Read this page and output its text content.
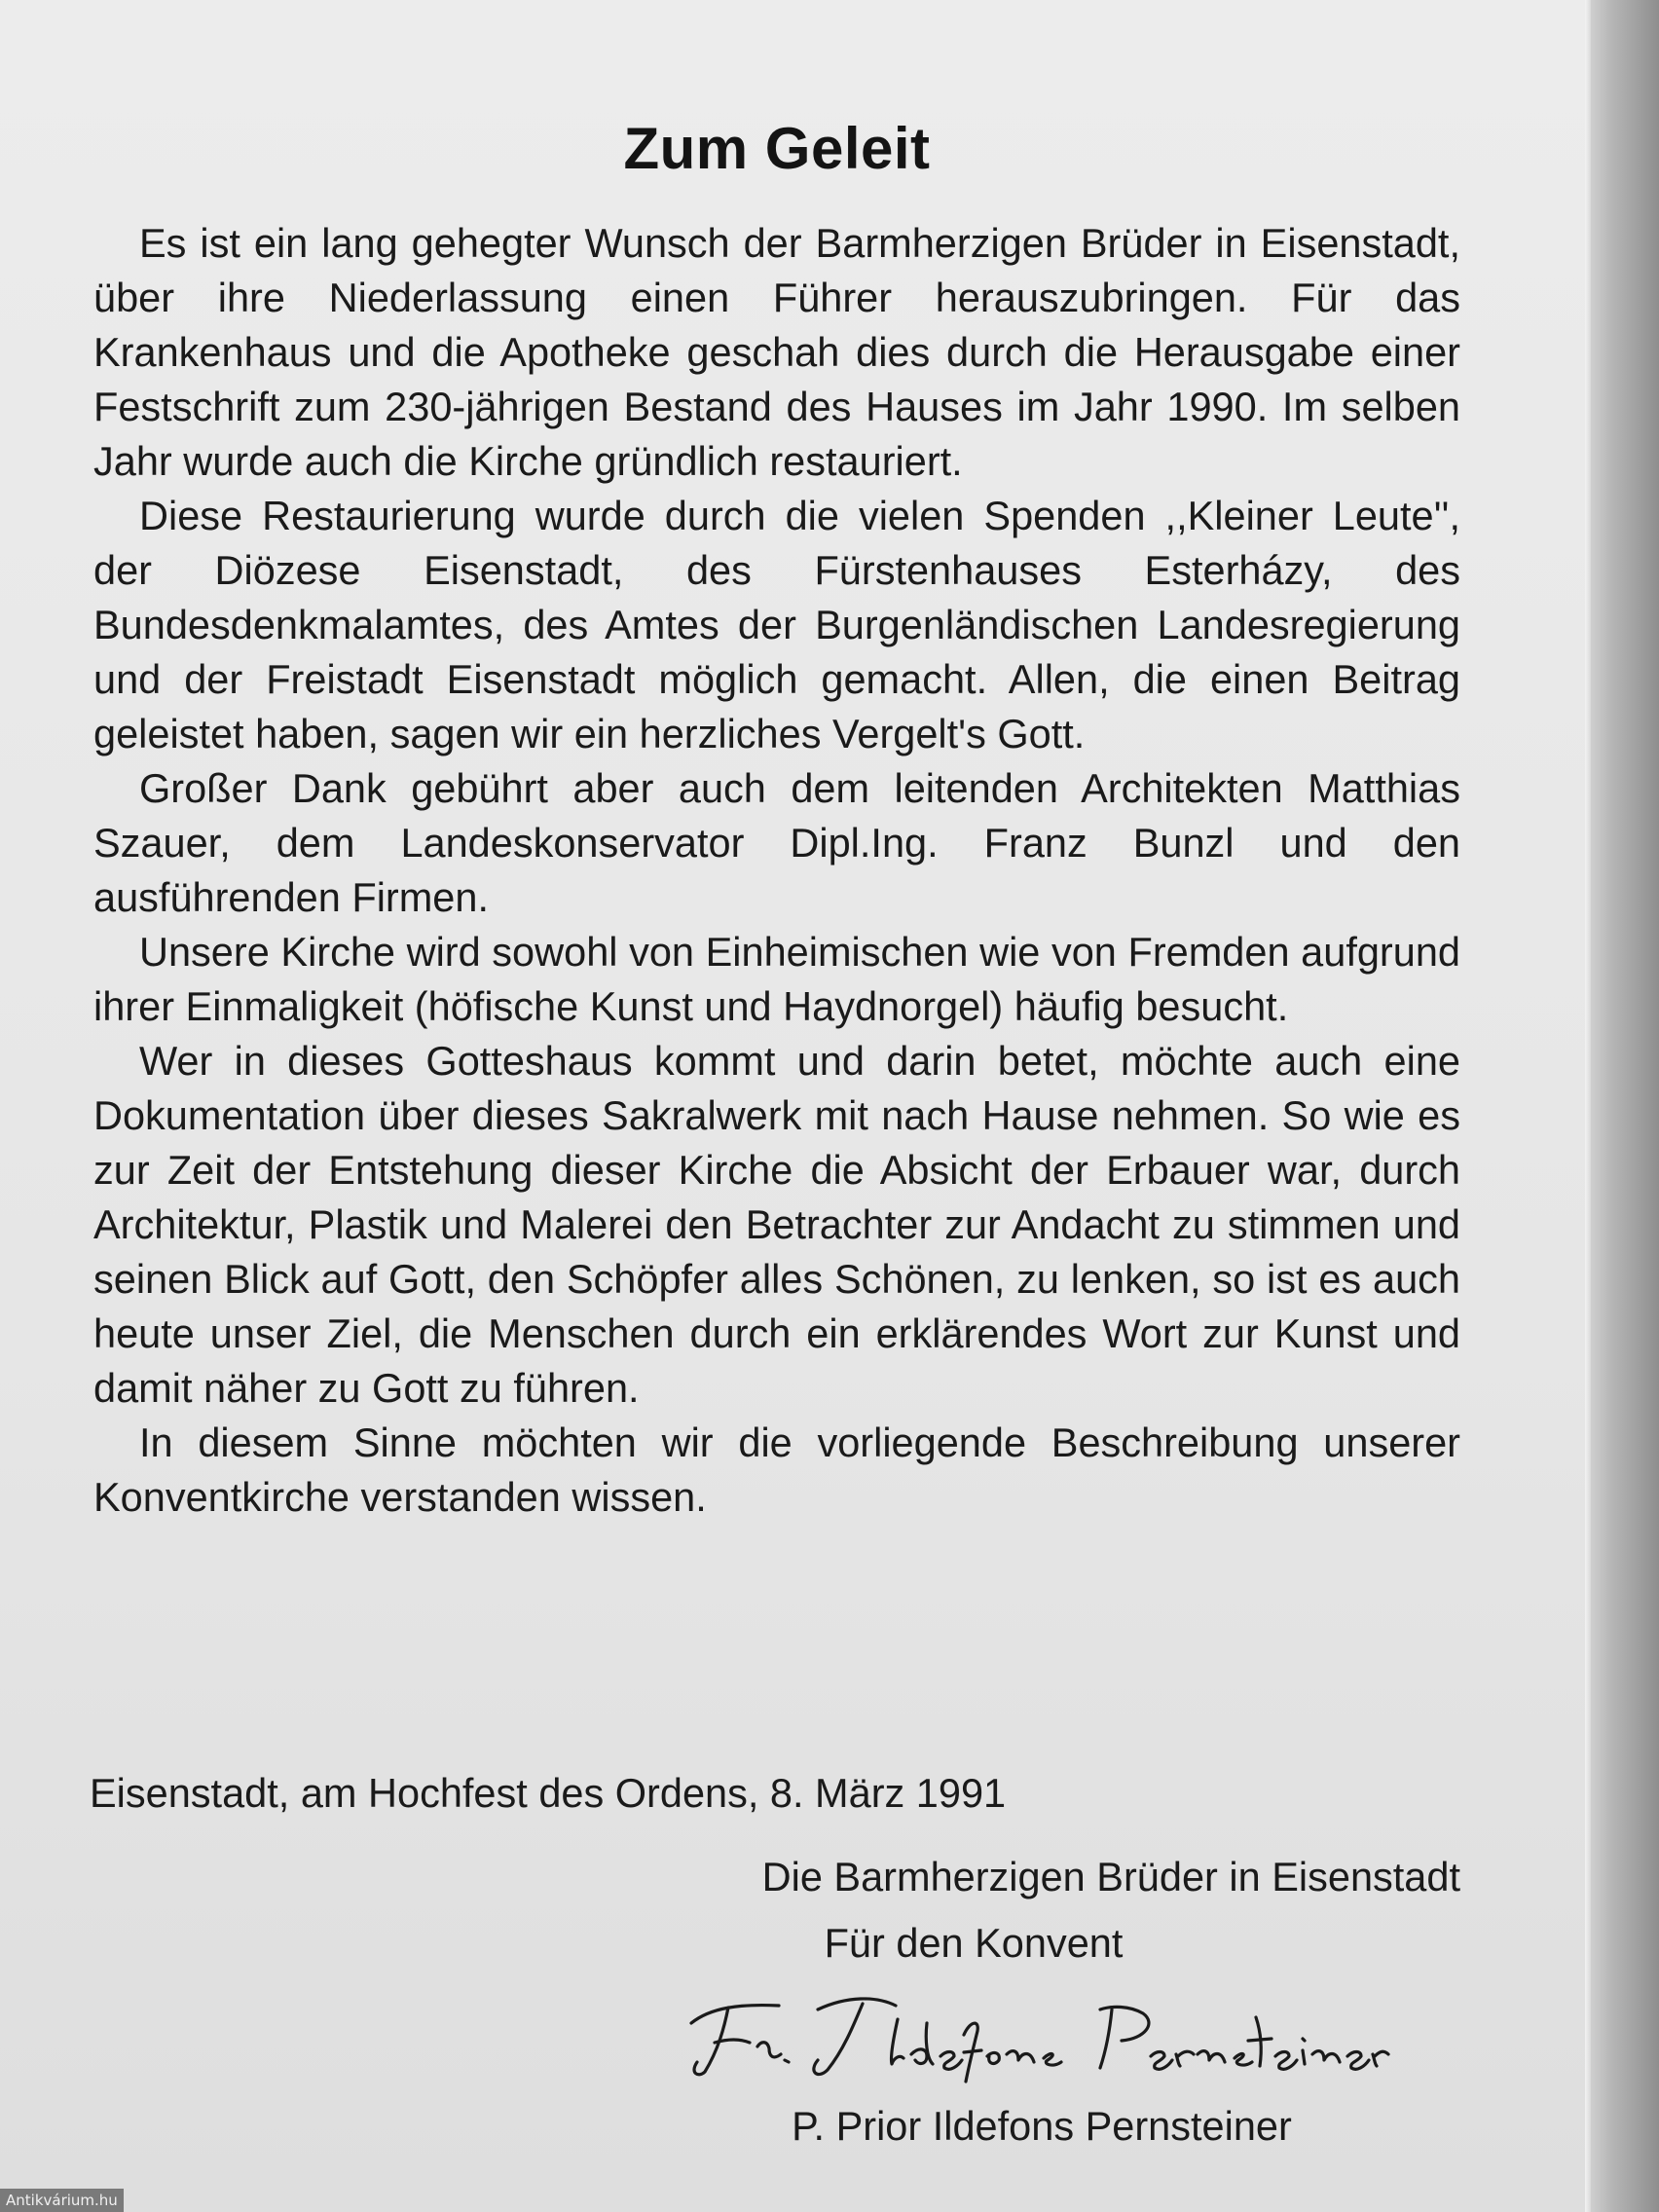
Zum Geleit

Es ist ein lang gehegter Wunsch der Barmherzigen Brüder in Eisenstadt, über ihre Niederlassung einen Führer herauszubringen. Für das Krankenhaus und die Apotheke geschah dies durch die Herausgabe einer Festschrift zum 230-jährigen Bestand des Hauses im Jahr 1990. Im selben Jahr wurde auch die Kirche gründlich restauriert.

Diese Restaurierung wurde durch die vielen Spenden ,,Kleiner Leute'', der Diözese Eisenstadt, des Fürstenhauses Esterházy, des Bundesdenkmalamtes, des Amtes der Burgenländischen Landesregierung und der Freistadt Eisenstadt möglich gemacht. Allen, die einen Beitrag geleistet haben, sagen wir ein herzliches Vergelt's Gott.

Großer Dank gebührt aber auch dem leitenden Architekten Matthias Szauer, dem Landeskonservator Dipl.Ing. Franz Bunzl und den ausführenden Firmen.

Unsere Kirche wird sowohl von Einheimischen wie von Fremden aufgrund ihrer Einmaligkeit (höfische Kunst und Haydnorgel) häufig besucht.

Wer in dieses Gotteshaus kommt und darin betet, möchte auch eine Dokumentation über dieses Sakralwerk mit nach Hause nehmen. So wie es zur Zeit der Entstehung dieser Kirche die Absicht der Erbauer war, durch Architektur, Plastik und Malerei den Betrachter zur Andacht zu stimmen und seinen Blick auf Gott, den Schöpfer alles Schönen, zu lenken, so ist es auch heute unser Ziel, die Menschen durch ein erklärendes Wort zur Kunst und damit näher zu Gott zu führen.

In diesem Sinne möchten wir die vorliegende Beschreibung unserer Konventkirche verstanden wissen.

Eisenstadt, am Hochfest des Ordens, 8. März 1991
Die Barmherzigen Brüder in Eisenstadt
Für den Konvent
P. Prior Ildefons Pernsteiner
Antikvárium.hu
